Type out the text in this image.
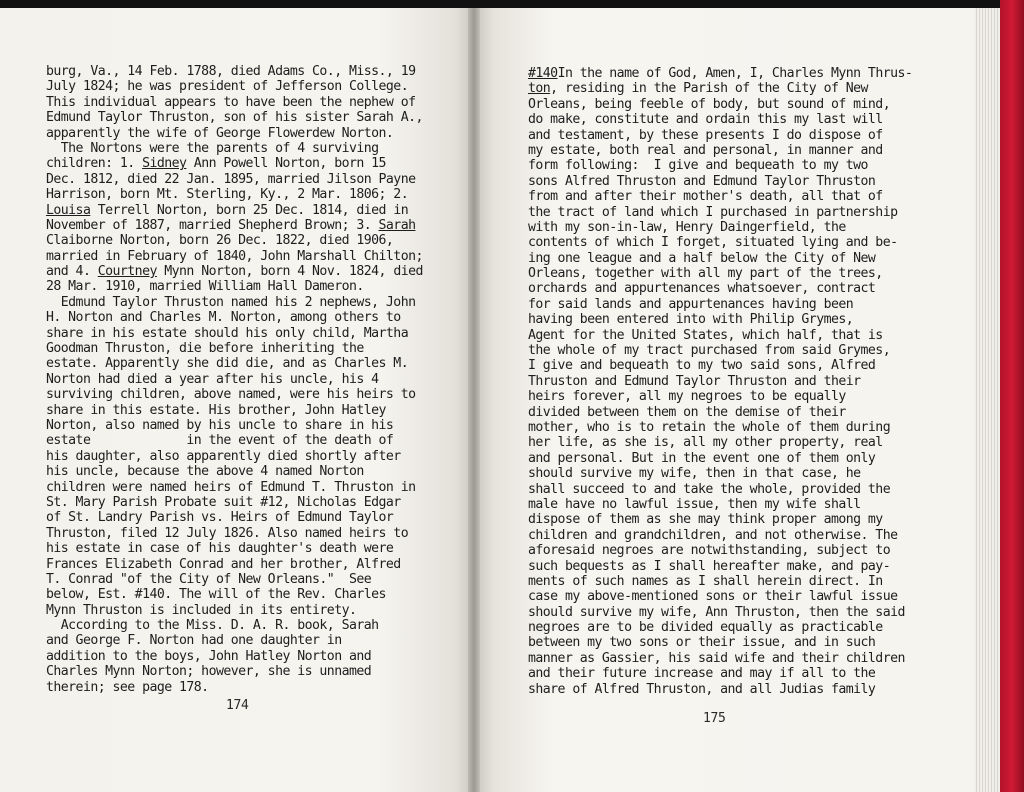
burg, Va., 14 Feb. 1788, died Adams Co., Miss., 19
July 1824; he was president of Jefferson College.
This individual appears to have been the nephew of
Edmund Taylor Thruston, son of his sister Sarah A.,
apparently the wife of George Flowerdew Norton.
The Nortons were the parents of 4 surviving
children: 1. Sidney Ann Powell Norton, born 15
Dec. 1812, died 22 Jan. 1895, married Jilson Payne
Harrison, born Mt. Sterling, Ky., 2 Mar. 1806; 2.
Louisa Terrell Norton, born 25 Dec. 1814, died in
November of 1887, married Shepherd Brown; 3. Sarah
Claiborne Norton, born 26 Dec. 1822, died 1906,
married in February of 1840, John Marshall Chilton;
and 4. Courtney Mynn Norton, born 4 Nov. 1824, died
28 Mar. 1910, married William Hall Dameron.
Edmund Taylor Thruston named his 2 nephews, John
H. Norton and Charles M. Norton, among others to
share in his estate should his only child, Martha
Goodman Thruston, die before inheriting the
estate. Apparently she did die, and as Charles M.
Norton had died a year after his uncle, his 4
surviving children, above named, were his heirs to
share in this estate. His brother, John Hatley
Norton, also named by his uncle to share in his
estate             in the event of the death of
his daughter, also apparently died shortly after
his uncle, because the above 4 named Norton
children were named heirs of Edmund T. Thruston in
St. Mary Parish Probate suit #12, Nicholas Edgar
of St. Landry Parish vs. Heirs of Edmund Taylor
Thruston, filed 12 July 1826. Also named heirs to
his estate in case of his daughter's death were
Frances Elizabeth Conrad and her brother, Alfred
T. Conrad "of the City of New Orleans."  See
below, Est. #140. The will of the Rev. Charles
Mynn Thruston is included in its entirety.
According to the Miss. D. A. R. book, Sarah
and George F. Norton had one daughter in
addition to the boys, John Hatley Norton and
Charles Mynn Norton; however, she is unnamed
therein; see page 178.
#140In the name of God, Amen, I, Charles Mynn Thrus-
ton, residing in the Parish of the City of New
Orleans, being feeble of body, but sound of mind,
do make, constitute and ordain this my last will
and testament, by these presents I do dispose of
my estate, both real and personal, in manner and
form following:  I give and bequeath to my two
sons Alfred Thruston and Edmund Taylor Thruston
from and after their mother's death, all that of
the tract of land which I purchased in partnership
with my son-in-law, Henry Daingerfield, the
contents of which I forget, situated lying and be-
ing one league and a half below the City of New
Orleans, together with all my part of the trees,
orchards and appurtenances whatsoever, contract
for said lands and appurtenances having been
having been entered into with Philip Grymes,
Agent for the United States, which half, that is
the whole of my tract purchased from said Grymes,
I give and bequeath to my two said sons, Alfred
Thruston and Edmund Taylor Thruston and their
heirs forever, all my negroes to be equally
divided between them on the demise of their
mother, who is to retain the whole of them during
her life, as she is, all my other property, real
and personal. But in the event one of them only
should survive my wife, then in that case, he
shall succeed to and take the whole, provided the
male have no lawful issue, then my wife shall
dispose of them as she may think proper among my
children and grandchildren, and not otherwise. The
aforesaid negroes are notwithstanding, subject to
such bequests as I shall hereafter make, and pay-
ments of such names as I shall herein direct. In
case my above-mentioned sons or their lawful issue
should survive my wife, Ann Thruston, then the said
negroes are to be divided equally as practicable
between my two sons or their issue, and in such
manner as Gassier, his said wife and their children
and their future increase and may if all to the
share of Alfred Thruston, and all Judias family
174
175
